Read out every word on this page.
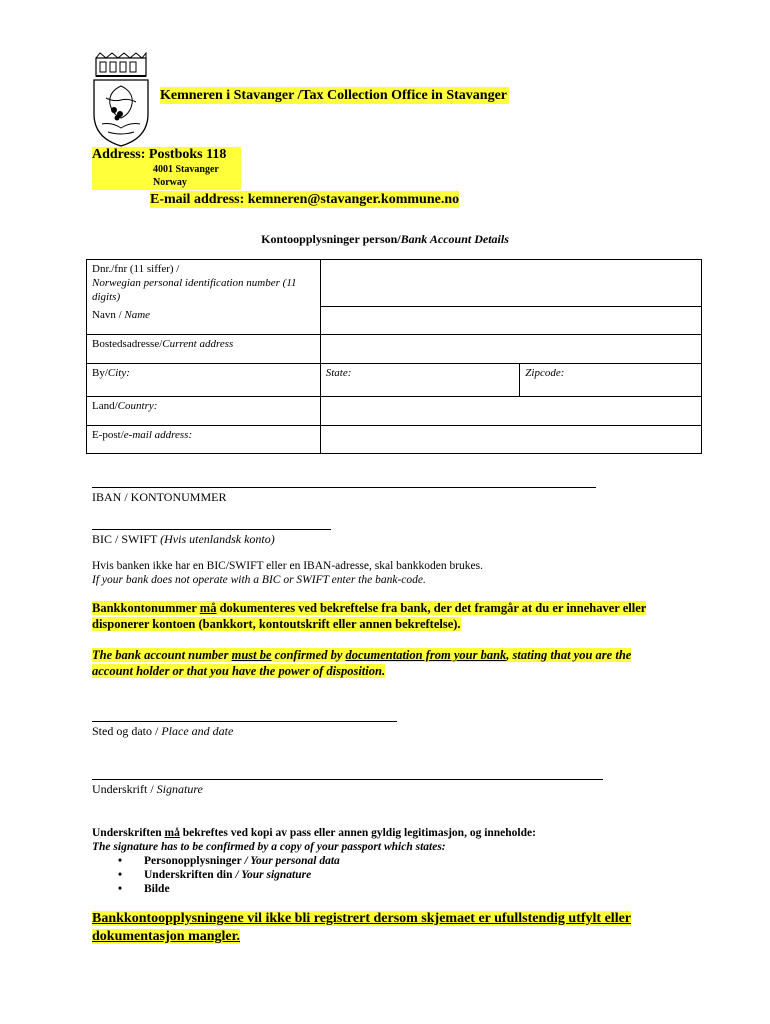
Kemneren i Stavanger /Tax Collection Office in Stavanger
Address: Postboks 118
4001 Stavanger
Norway
E-mail address: kemneren@stavanger.kommune.no
Kontoopplysninger person/Bank Account Details
Dnr./fnr (11 siffer) /
Norwegian personal identification number (11 digits)		
Navn / Name		
Bostedsadresse/Current address		
By/City:	State:	Zipcode:
Land/Country:		
E-post/e-mail address:		
IBAN / KONTONUMMER
BIC / SWIFT (Hvis utenlandsk konto)
Hvis banken ikke har en BIC/SWIFT eller en IBAN-adresse, skal bankkoden brukes.
If your bank does not operate with a BIC or SWIFT enter the bank-code.
Bankkontonummer må dokumenteres ved bekreftelse fra bank, der det framgår at du er innehaver eller disponerer kontoen (bankkort, kontoutskrift eller annen bekreftelse).
The bank account number must be confirmed by documentation from your bank, stating that you are the account holder or that you have the power of disposition.
Sted og dato / Place and date
Underskrift / Signature
Underskriften må bekreftes ved kopi av pass eller annen gyldig legitimasjon, og inneholde:
The signature has to be confirmed by a copy of your passport which states:
• Personopplysninger / Your personal data
• Underskriften din / Your signature
• Bilde
Bankkontoopplysningene vil ikke bli registrert dersom skjemaet er ufullstendig utfylt eller dokumentasjon mangler.
